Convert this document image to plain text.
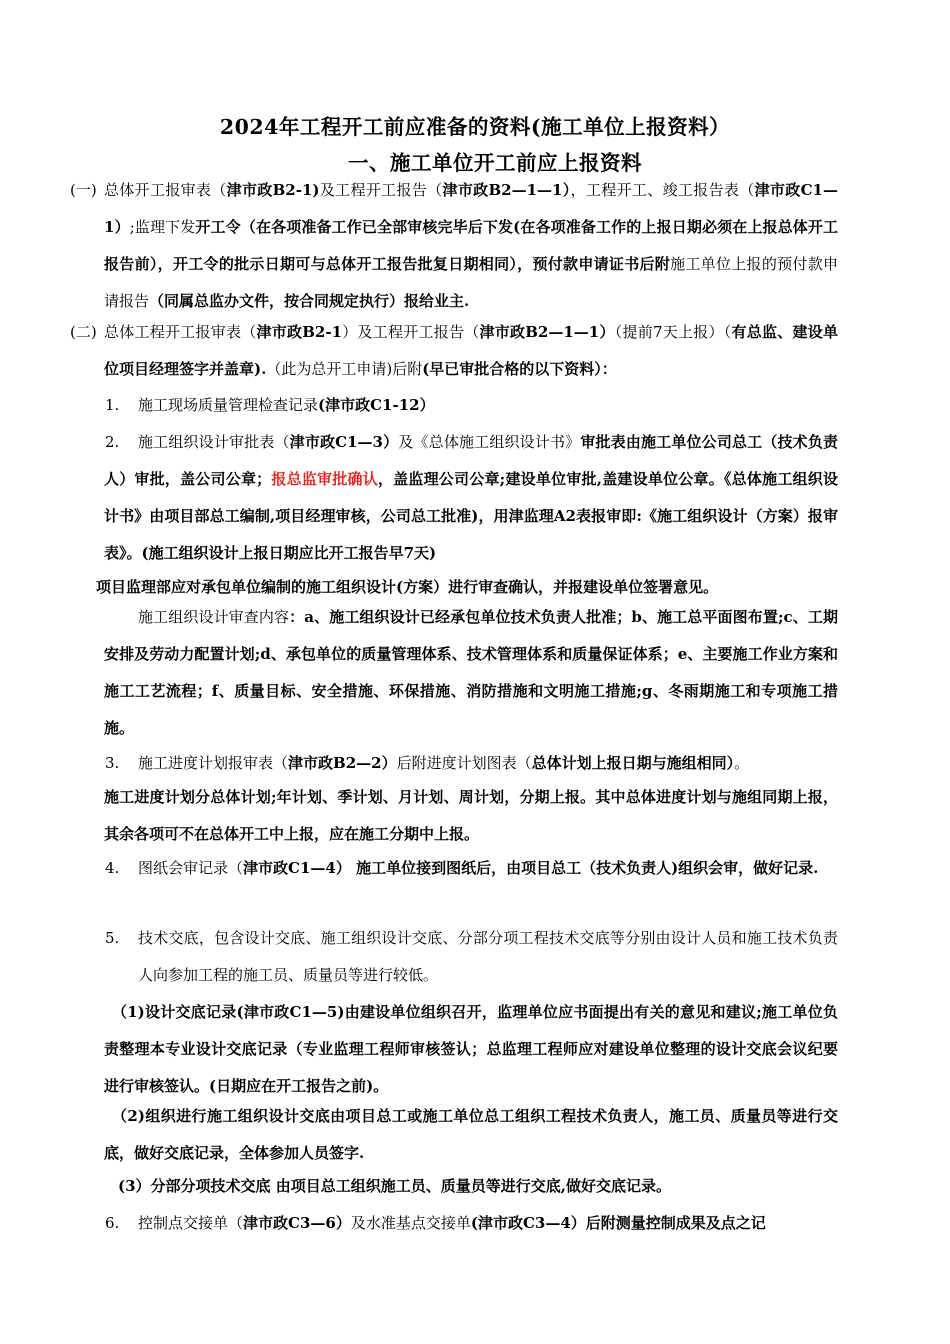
2024年工程开工前应准备的资料(施工单位上报资料）
一、施工单位开工前应上报资料
(一) 总体开工报审表（津市政B2-1)及工程开工报告（津市政B2—1—1），工程开工、竣工报告表（津市政C1—1）;监理下发开工令（在各项准备工作已全部审核完毕后下发(在各项准备工作的上报日期必须在上报总体开工报告前），开工令的批示日期可与总体开工报告批复日期相同），预付款申请证书后附施工单位上报的预付款申请报告（同属总监办文件，按合同规定执行）报给业主.
(二) 总体工程开工报审表（津市政B2-1）及工程开工报告（津市政B2—1—1）（提前7天上报）（有总监、建设单位项目经理签字并盖章).（此为总开工申请)后附(早已审批合格的以下资料）：
1. 施工现场质量管理检查记录(津市政C1-12）
2.	施工组织设计审批表（津市政C1—3）及《总体施工组织设计书》审批表由施工单位公司总工（技术负责人）审批，盖公司公章；报总监审批确认，盖监理公司公章;建设单位审批,盖建设单位公章。《总体施工组织设计书》由项目部总工编制,项目经理审核，公司总工批准)，用津监理A2表报审即:《施工组织设计（方案）报审表》。(施工组织设计上报日期应比开工报告早7天)
项目监理部应对承包单位编制的施工组织设计(方案）进行审查确认，并报建设单位签署意见。
施工组织设计审查内容：a、施工组织设计已经承包单位技术负责人批准；b、施工总平面图布置;c、工期安排及劳动力配置计划;d、承包单位的质量管理体系、技术管理体系和质量保证体系；e、主要施工作业方案和施工工艺流程；f、质量目标、安全措施、环保措施、消防措施和文明施工措施;g、冬雨期施工和专项施工措施。
3. 施工进度计划报审表（津市政B2—2）后附进度计划图表（总体计划上报日期与施组相同）。
施工进度计划分总体计划;年计划、季计划、月计划、周计划，分期上报。其中总体进度计划与施组同期上报，其余各项可不在总体开工中上报，应在施工分期中上报。
4.	图纸会审记录（津市政C1—4） 施工单位接到图纸后，由项目总工（技术负责人)组织会审，做好记录.
5. 技术交底，包含设计交底、施工组织设计交底、分部分项工程技术交底等分别由设计人员和施工技术负责人向参加工程的施工员、质量员等进行较低。
（1)设计交底记录(津市政C1—5)由建设单位组织召开，监理单位应书面提出有关的意见和建议;施工单位负责整理本专业设计交底记录（专业监理工程师审核签认；总监理工程师应对建设单位整理的设计交底会议纪要进行审核签认。(日期应在开工报告之前)。
（2)组织进行施工组织设计交底由项目总工或施工单位总工组织工程技术负责人，施工员、质量员等进行交底，做好交底记录，全体参加人员签字.
(3）分部分项技术交底 由项目总工组织施工员、质量员等进行交底,做好交底记录。
6. 控制点交接单（津市政C3—6）及水准基点交接单(津市政C3—4）后附测量控制成果及点之记
